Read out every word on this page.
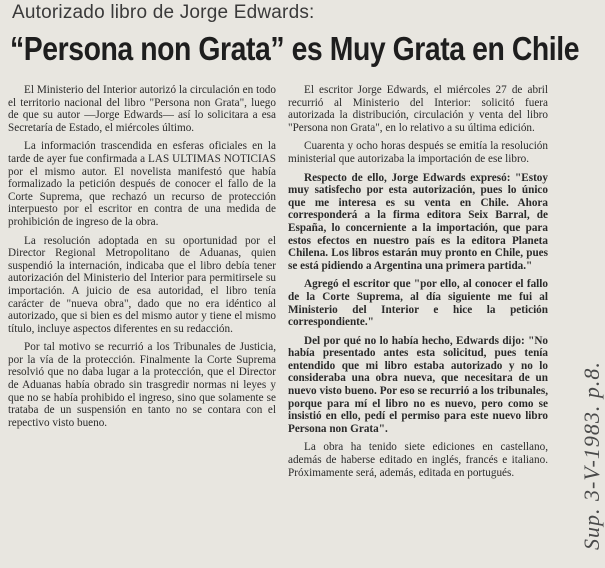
Autorizado libro de Jorge Edwards:
“Persona non Grata” es Muy Grata en Chile

El Ministerio del Interior autorizó la circulación en todo el territorio nacional del libro "Persona non Grata", luego de que su autor —Jorge Edwards— así lo solicitara a esa Secretaría de Estado, el miércoles último.

La información trascendida en esferas oficiales en la tarde de ayer fue confirmada a LAS ULTIMAS NOTICIAS por el mismo autor. El novelista manifestó que había formalizado la petición después de conocer el fallo de la Corte Suprema, que rechazó un recurso de protección interpuesto por el escritor en contra de una medida de prohibición de ingreso de la obra.

La resolución adoptada en su oportunidad por el Director Regional Metropolitano de Aduanas, quien suspendió la internación, indicaba que el libro debía tener autorización del Ministerio del Interior para permitirsele su importación. A juicio de esa autoridad, el libro tenía carácter de "nueva obra", dado que no era idéntico al autorizado, que si bien es del mismo autor y tiene el mismo título, incluye aspectos diferentes en su redacción.

Por tal motivo se recurrió a los Tribunales de Justicia, por la vía de la protección. Finalmente la Corte Suprema resolvió que no daba lugar a la protección, que el Director de Aduanas había obrado sin trasgredir normas ni leyes y que no se había prohibido el ingreso, sino que solamente se trataba de un suspensión en tanto no se contara con el repectivo visto bueno.

El escritor Jorge Edwards, el miércoles 27 de abril recurrió al Ministerio del Interior: solicitó fuera autorizada la distribución, circulación y venta del libro "Persona non Grata", en lo relativo a su última edición.

Cuarenta y ocho horas después se emitía la resolución ministerial que autorizaba la importación de ese libro.

Respecto de ello, Jorge Edwards expresó: "Estoy muy satisfecho por esta autorización, pues lo único que me interesa es su venta en Chile. Ahora corresponderá a la firma editora Seix Barral, de España, lo concerniente a la importación, que para estos efectos en nuestro país es la editora Planeta Chilena. Los libros estarán muy pronto en Chile, pues se está pidiendo a Argentina una primera partida."

Agregó el escritor que "por ello, al conocer el fallo de la Corte Suprema, al día siguiente me fui al Ministerio del Interior e hice la petición correspondiente."

Del por qué no lo había hecho, Edwards dijo: "No había presentado antes esta solicitud, pues tenía entendido que mi libro estaba autorizado y no lo consideraba una obra nueva, que necesitara de un nuevo visto bueno. Por eso se recurrió a los tribunales, porque para mí el libro no es nuevo, pero como se insistió en ello, pedí el permiso para este nuevo libro Persona non Grata".

La obra ha tenido siete ediciones en castellano, además de haberse editado en inglés, francés e italiano. Próximamente será, además, editada en portugués.	Sup. 3-V-1983. p.8.
